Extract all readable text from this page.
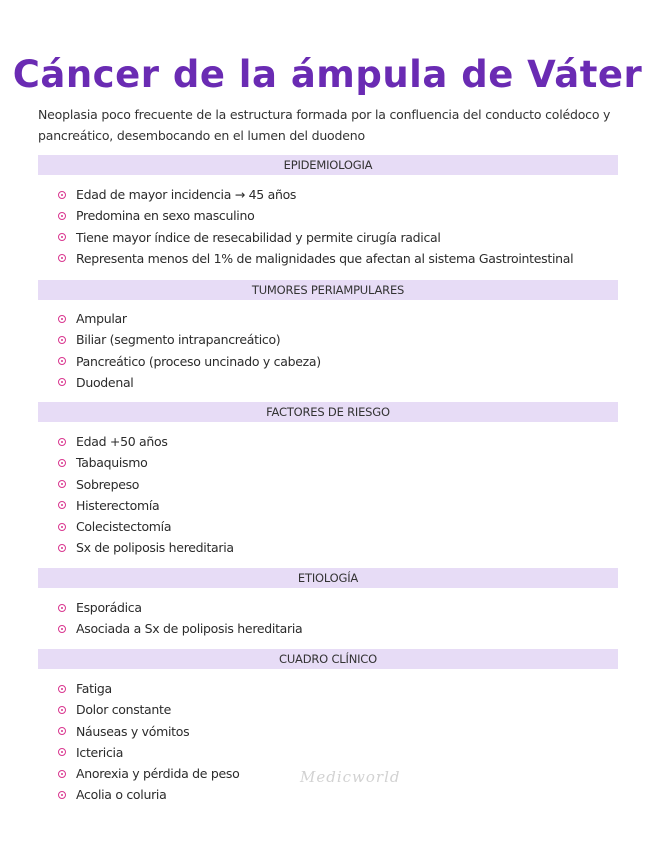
Cáncer de la ámpula de Váter
Neoplasia poco frecuente de la estructura formada por la confluencia del conducto colédoco y pancreático, desembocando en el lumen del duodeno
EPIDEMIOLOGIA
Edad de mayor incidencia → 45 años
Predomina en sexo masculino
Tiene mayor índice de resecabilidad y permite cirugía radical
Representa menos del 1% de malignidades que afectan al sistema Gastrointestinal
TUMORES PERIAMPULARES
Ampular
Biliar (segmento intrapancreático)
Pancreático (proceso uncinado y cabeza)
Duodenal
FACTORES DE RIESGO
Edad +50 años
Tabaquismo
Sobrepeso
Histerectomía
Colecistectomía
Sx de poliposis hereditaria
ETIOLOGÍA
Esporádica
Asociada a Sx de poliposis hereditaria
CUADRO CLÍNICO
Fatiga
Dolor constante
Náuseas y vómitos
Ictericia
Anorexia y pérdida de peso
Acolia o coluria
Medicworld
